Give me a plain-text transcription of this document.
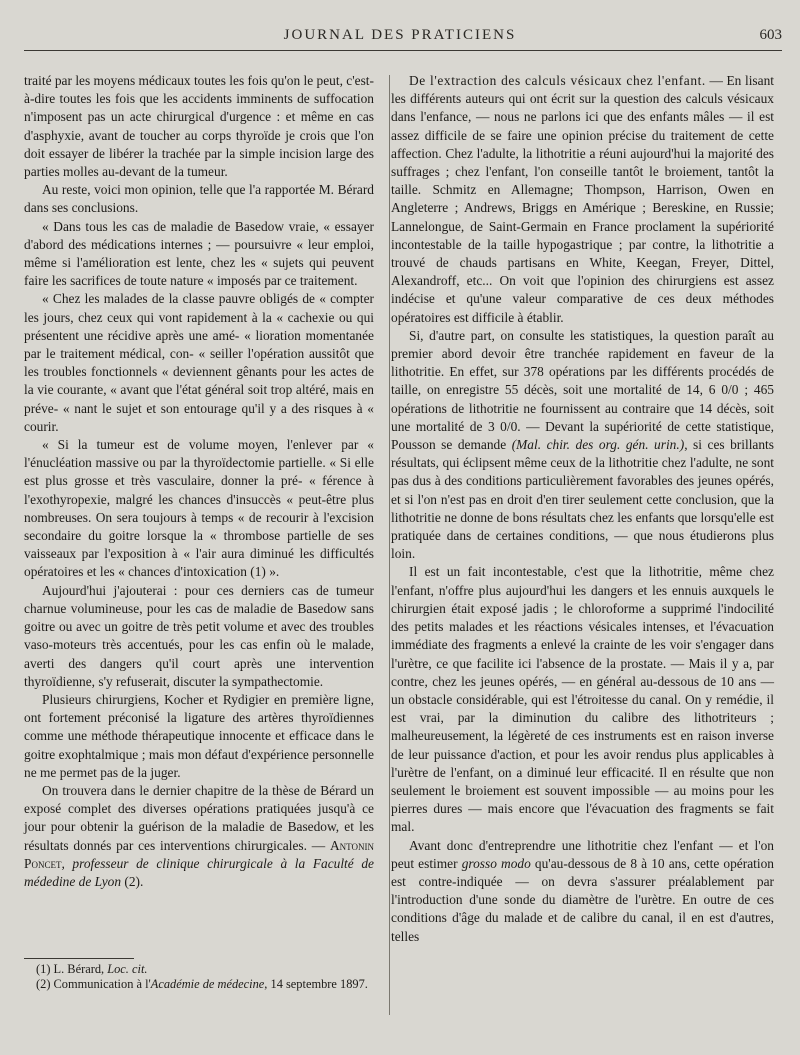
JOURNAL DES PRATICIENS	603

traité par les moyens médicaux toutes les fois qu'on le peut, c'est-à-dire toutes les fois que les accidents imminents de suffocation n'imposent pas un acte chirurgical d'urgence : et même en cas d'asphyxie, avant de toucher au corps thyroïde je crois que l'on doit essayer de libérer la trachée par la simple incision large des parties molles au-devant de la tumeur.

Au reste, voici mon opinion, telle que l'a rapportée M. Bérard dans ses conclusions.

« Dans tous les cas de maladie de Basedow vraie, « essayer d'abord des médications internes ; — poursuivre « leur emploi, même si l'amélioration est lente, chez les « sujets qui peuvent faire les sacrifices de toute nature « imposés par ce traitement.

« Chez les malades de la classe pauvre obligés de « compter les jours, chez ceux qui vont rapidement à la « cachexie ou qui présentent une récidive après une amé- « lioration momentanée par le traitement médical, con- « seiller l'opération aussitôt que les troubles fonctionnels « deviennent gênants pour les actes de la vie courante, « avant que l'état général soit trop altéré, mais en préve- « nant le sujet et son entourage qu'il y a des risques à « courir.

« Si la tumeur est de volume moyen, l'enlever par « l'énucléation massive ou par la thyroïdectomie partielle. « Si elle est plus grosse et très vasculaire, donner la pré- « férence à l'exothyropexie, malgré les chances d'insuccès « peut-être plus nombreuses. On sera toujours à temps « de recourir à l'excision secondaire du goitre lorsque la « thrombose partielle de ses vaisseaux par l'exposition à « l'air aura diminué les difficultés opératoires et les « chances d'intoxication (1) ».

Aujourd'hui j'ajouterai : pour ces derniers cas de tumeur charnue volumineuse, pour les cas de maladie de Basedow sans goitre ou avec un goitre de très petit volume et avec des troubles vaso-moteurs très accentués, pour les cas enfin où le malade, averti des dangers qu'il court après une intervention thyroïdienne, s'y refuserait, discuter la sympathectomie.

Plusieurs chirurgiens, Kocher et Rydigier en première ligne, ont fortement préconisé la ligature des artères thyroïdiennes comme une méthode thérapeutique innocente et efficace dans le goitre exophtalmique ; mais mon défaut d'expérience personnelle ne me permet pas de la juger.

On trouvera dans le dernier chapitre de la thèse de Bérard un exposé complet des diverses opérations pratiquées jusqu'à ce jour pour obtenir la guérison de la maladie de Basedow, et les résultats donnés par ces interventions chirurgicales. — Antonin Poncet, professeur de clinique chirurgicale à la Faculté de médedine de Lyon (2).

(1) L. Bérard, Loc. cit.

(2) Communication à l'Académie de médecine, 14 septembre 1897.

De l'extraction des calculs vésicaux chez l'enfant. — En lisant les différents auteurs qui ont écrit sur la question des calculs vésicaux dans l'enfance, — nous ne parlons ici que des enfants mâles — il est assez difficile de se faire une opinion précise du traitement de cette affection. Chez l'adulte, la lithotritie a réuni aujourd'hui la majorité des suffrages ; chez l'enfant, l'on conseille tantôt le broiement, tantôt la taille. Schmitz en Allemagne; Thompson, Harrison, Owen en Angleterre ; Andrews, Briggs en Amérique ; Bereskine, en Russie; Lannelongue, de Saint-Germain en France proclament la supériorité incontestable de la taille hypogastrique ; par contre, la lithotritie a trouvé de chauds partisans en White, Keegan, Freyer, Dittel, Alexandroff, etc... On voit que l'opinion des chirurgiens est assez indécise et qu'une valeur comparative de ces deux méthodes opératoires est difficile à établir.

Si, d'autre part, on consulte les statistiques, la question paraît au premier abord devoir être tranchée rapidement en faveur de la lithotritie. En effet, sur 378 opérations par les différents procédés de taille, on enregistre 55 décès, soit une mortalité de 14, 6 0/0 ; 465 opérations de lithotritie ne fournissent au contraire que 14 décès, soit une mortalité de 3 0/0. — Devant la supériorité de cette statistique, Pousson se demande (Mal. chir. des org. gén. urin.), si ces brillants résultats, qui éclipsent même ceux de la lithotritie chez l'adulte, ne sont pas dus à des conditions particulièrement favorables des jeunes opérés, et si l'on n'est pas en droit d'en tirer seulement cette conclusion, que la lithotritie ne donne de bons résultats chez les enfants que lorsqu'elle est pratiquée dans de certaines conditions, — que nous étudierons plus loin.

Il est un fait incontestable, c'est que la lithotritie, même chez l'enfant, n'offre plus aujourd'hui les dangers et les ennuis auxquels le chirurgien était exposé jadis ; le chloroforme a supprimé l'indocilité des petits malades et les réactions vésicales intenses, et l'évacuation immédiate des fragments a enlevé la crainte de les voir s'engager dans l'urètre, ce que facilite ici l'absence de la prostate. — Mais il y a, par contre, chez les jeunes opérés, — en général au-dessous de 10 ans — un obstacle considérable, qui est l'étroitesse du canal. On y remédie, il est vrai, par la diminution du calibre des lithotriteurs ; malheureusement, la légèreté de ces instruments est en raison inverse de leur puissance d'action, et pour les avoir rendus plus applicables à l'urètre de l'enfant, on a diminué leur efficacité. Il en résulte que non seulement le broiement est souvent impossible — au moins pour les pierres dures — mais encore que l'évacuation des fragments se fait mal.

Avant donc d'entreprendre une lithotritie chez l'enfant — et l'on peut estimer grosso modo qu'au-dessous de 8 à 10 ans, cette opération est contre-indiquée — on devra s'assurer préalablement par l'introduction d'une sonde du diamètre de l'urètre. En outre de ces conditions d'âge du malade et de calibre du canal, il en est d'autres, telles
